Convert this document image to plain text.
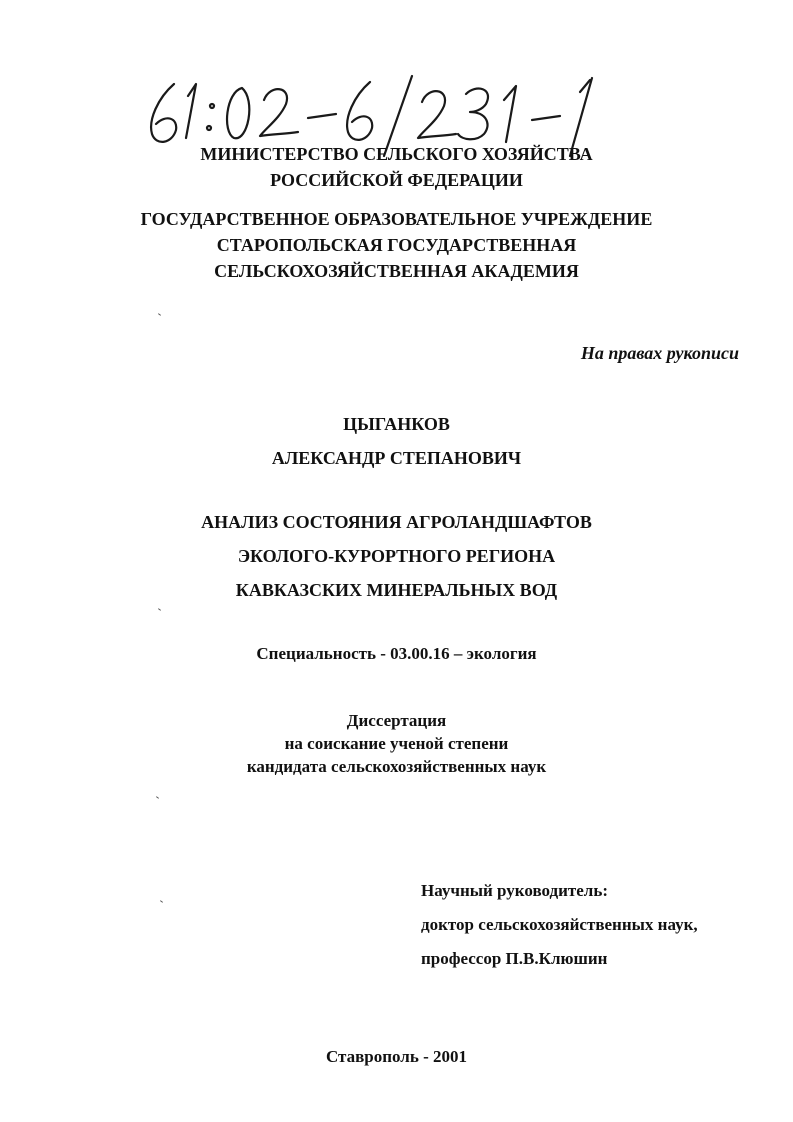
МИНИСТЕРСТВО СЕЛЬСКОГО ХОЗЯЙСТВА
РОССИЙСКОЙ ФЕДЕРАЦИИ
ГОСУДАРСТВЕННОЕ ОБРАЗОВАТЕЛЬНОЕ УЧРЕЖДЕНИЕ
СТАРОПОЛЬСКАЯ ГОСУДАРСТВЕННАЯ
СЕЛЬСКОХОЗЯЙСТВЕННАЯ АКАДЕМИЯ
На правах рукописи
ЦЫГАНКОВ
АЛЕКСАНДР СТЕПАНОВИЧ
АНАЛИЗ СОСТОЯНИЯ АГРОЛАНДШАФТОВ
ЭКОЛОГО-КУРОРТНОГО РЕГИОНА
КАВКАЗСКИХ МИНЕРАЛЬНЫХ ВОД
Специальность - 03.00.16 – экология
Диссертация
на соискание ученой степени
кандидата сельскохозяйственных наук
Научный руководитель:
доктор сельскохозяйственных наук,
профессор П.В.Клюшин
Ставрополь - 2001
